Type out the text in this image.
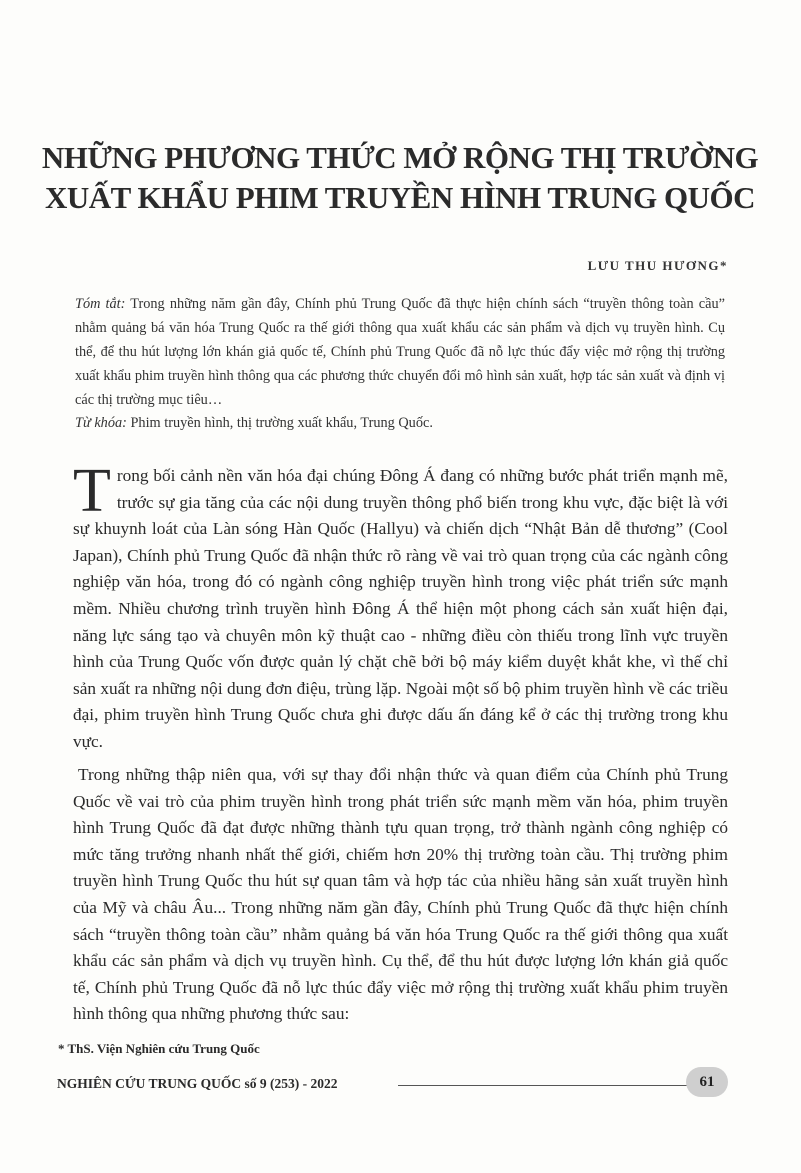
NHỮNG PHƯƠNG THỨC MỞ RỘNG THỊ TRƯỜNG
XUẤT KHẨU PHIM TRUYỀN HÌNH TRUNG QUỐC
LƯU THU HƯƠNG*

Tóm tắt: Trong những năm gần đây, Chính phủ Trung Quốc đã thực hiện chính sách “truyền thông toàn cầu” nhằm quảng bá văn hóa Trung Quốc ra thế giới thông qua xuất khẩu các sản phẩm và dịch vụ truyền hình. Cụ thể, để thu hút lượng lớn khán giả quốc tế, Chính phủ Trung Quốc đã nỗ lực thúc đẩy việc mở rộng thị trường xuất khẩu phim truyền hình thông qua các phương thức chuyển đổi mô hình sản xuất, hợp tác sản xuất và định vị các thị trường mục tiêu…

Từ khóa: Phim truyền hình, thị trường xuất khẩu, Trung Quốc.

Trong bối cảnh nền văn hóa đại chúng Đông Á đang có những bước phát triển mạnh mẽ, trước sự gia tăng của các nội dung truyền thông phổ biến trong khu vực, đặc biệt là với sự khuynh loát của Làn sóng Hàn Quốc (Hallyu) và chiến dịch “Nhật Bản dễ thương” (Cool Japan), Chính phủ Trung Quốc đã nhận thức rõ ràng về vai trò quan trọng của các ngành công nghiệp văn hóa, trong đó có ngành công nghiệp truyền hình trong việc phát triển sức mạnh mềm. Nhiều chương trình truyền hình Đông Á thể hiện một phong cách sản xuất hiện đại, năng lực sáng tạo và chuyên môn kỹ thuật cao - những điều còn thiếu trong lĩnh vực truyền hình của Trung Quốc vốn được quản lý chặt chẽ bởi bộ máy kiểm duyệt khắt khe, vì thế chỉ sản xuất ra những nội dung đơn điệu, trùng lặp. Ngoài một số bộ phim truyền hình về các triều đại, phim truyền hình Trung Quốc chưa ghi được dấu ấn đáng kể ở các thị trường trong khu vực.

Trong những thập niên qua, với sự thay đổi nhận thức và quan điểm của Chính phủ Trung Quốc về vai trò của phim truyền hình trong phát triển sức mạnh mềm văn hóa, phim truyền hình Trung Quốc đã đạt được những thành tựu quan trọng, trở thành ngành công nghiệp có mức tăng trưởng nhanh nhất thế giới, chiếm hơn 20% thị trường toàn cầu. Thị trường phim truyền hình Trung Quốc thu hút sự quan tâm và hợp tác của nhiều hãng sản xuất truyền hình của Mỹ và châu Âu... Trong những năm gần đây, Chính phủ Trung Quốc đã thực hiện chính sách “truyền thông toàn cầu” nhằm quảng bá văn hóa Trung Quốc ra thế giới thông qua xuất khẩu các sản phẩm và dịch vụ truyền hình. Cụ thể, để thu hút được lượng lớn khán giả quốc tế, Chính phủ Trung Quốc đã nỗ lực thúc đẩy việc mở rộng thị trường xuất khẩu phim truyền hình thông qua những phương thức sau:

* ThS. Viện Nghiên cứu Trung Quốc
NGHIÊN CỨU TRUNG QUỐC số 9 (253) - 2022	61
